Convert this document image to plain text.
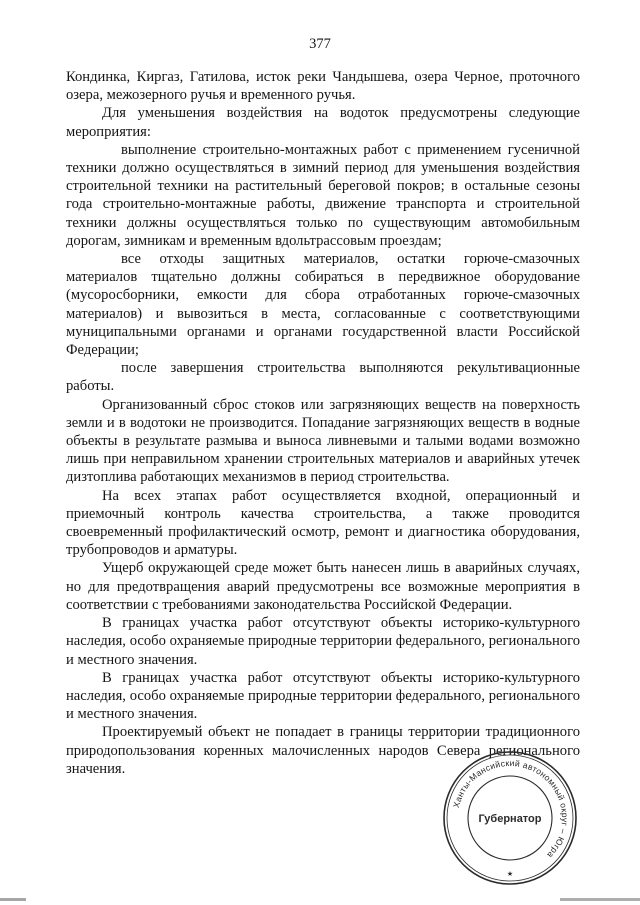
377

Кондинка, Киргаз, Гатилова, исток реки Чандышева, озера Черное, проточного озера, межозерного ручья и временного ручья.

Для уменьшения воздействия на водоток предусмотрены следующие мероприятия:

выполнение строительно-монтажных работ с применением гусеничной техники должно осуществляться в зимний период для уменьшения воздействия строительной техники на растительный береговой покров; в остальные сезоны года строительно-монтажные работы, движение транспорта и строительной техники должны осуществляться только по существующим автомобильным дорогам, зимникам и временным вдольтрассовым проездам;

все отходы защитных материалов, остатки горюче-смазочных материалов тщательно должны собираться в передвижное оборудование (мусоросборники, емкости для сбора отработанных горюче-смазочных материалов) и вывозиться в места, согласованные с соответствующими муниципальными органами и органами государственной власти Российской Федерации;

после завершения строительства выполняются рекультивационные работы.

Организованный сброс стоков или загрязняющих веществ на поверхность земли и в водотоки не производится. Попадание загрязняющих веществ в водные объекты в результате размыва и выноса ливневыми и талыми водами возможно лишь при неправильном хранении строительных материалов и аварийных утечек дизтоплива работающих механизмов в период строительства.

На всех этапах работ осуществляется входной, операционный и приемочный контроль качества строительства, а также проводится своевременный профилактический осмотр, ремонт и диагностика оборудования, трубопроводов и арматуры.

Ущерб окружающей среде может быть нанесен лишь в аварийных случаях, но для предотвращения аварий предусмотрены все возможные мероприятия в соответствии с требованиями законодательства Российской Федерации.

В границах участка работ отсутствуют объекты историко-культурного наследия, особо охраняемые природные территории федерального, регионального и местного значения.

В границах участка работ отсутствуют объекты историко-культурного наследия, особо охраняемые природные территории федерального, регионального и местного значения.

Проектируемый объект не попадает в границы территории традиционного природопользования коренных малочисленных народов Севера регионального значения.

Ханты-Мансийский автономный округ – Югра
Губернатор
★
